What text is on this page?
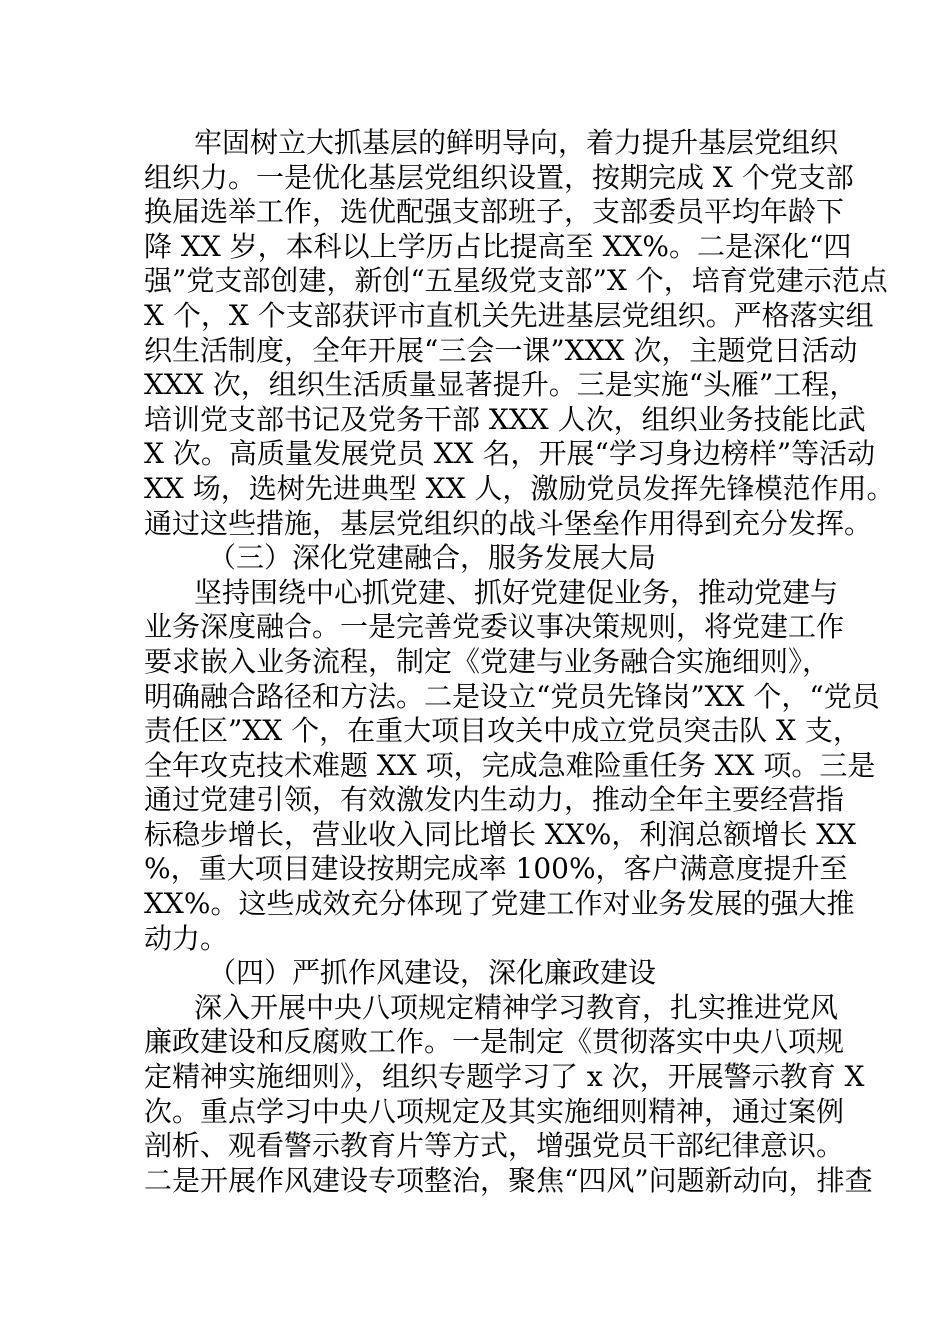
牢固树立大抓基层的鲜明导向，着力提升基层党组织
组织力。一是优化基层党组织设置，按期完成 X 个党支部
换届选举工作，选优配强支部班子，支部委员平均年龄下
降 XX 岁，本科以上学历占比提高至 XX%。二是深化“四
强”党支部创建，新创“五星级党支部”X 个，培育党建示范点
X 个，X 个支部获评市直机关先进基层党组织。严格落实组
织生活制度，全年开展“三会一课”XXX 次，主题党日活动
XXX 次，组织生活质量显著提升。三是实施“头雁”工程，
培训党支部书记及党务干部 XXX 人次，组织业务技能比武
X 次。高质量发展党员 XX 名，开展“学习身边榜样”等活动
XX 场，选树先进典型 XX 人，激励党员发挥先锋模范作用。
通过这些措施，基层党组织的战斗堡垒作用得到充分发挥。
（三）深化党建融合，服务发展大局
坚持围绕中心抓党建、抓好党建促业务，推动党建与
业务深度融合。一是完善党委议事决策规则，将党建工作
要求嵌入业务流程，制定《党建与业务融合实施细则》，
明确融合路径和方法。二是设立“党员先锋岗”XX 个，“党员
责任区”XX 个，在重大项目攻关中成立党员突击队 X 支，
全年攻克技术难题 XX 项，完成急难险重任务 XX 项。三是
通过党建引领，有效激发内生动力，推动全年主要经营指
标稳步增长，营业收入同比增长 XX%，利润总额增长 XX
%，重大项目建设按期完成率 100%，客户满意度提升至
XX%。这些成效充分体现了党建工作对业务发展的强大推
动力。
（四）严抓作风建设，深化廉政建设
深入开展中央八项规定精神学习教育，扎实推进党风
廉政建设和反腐败工作。一是制定《贯彻落实中央八项规
定精神实施细则》，组织专题学习了 x 次，开展警示教育 X
次。重点学习中央八项规定及其实施细则精神，通过案例
剖析、观看警示教育片等方式，增强党员干部纪律意识。
二是开展作风建设专项整治，聚焦“四风”问题新动向，排查
